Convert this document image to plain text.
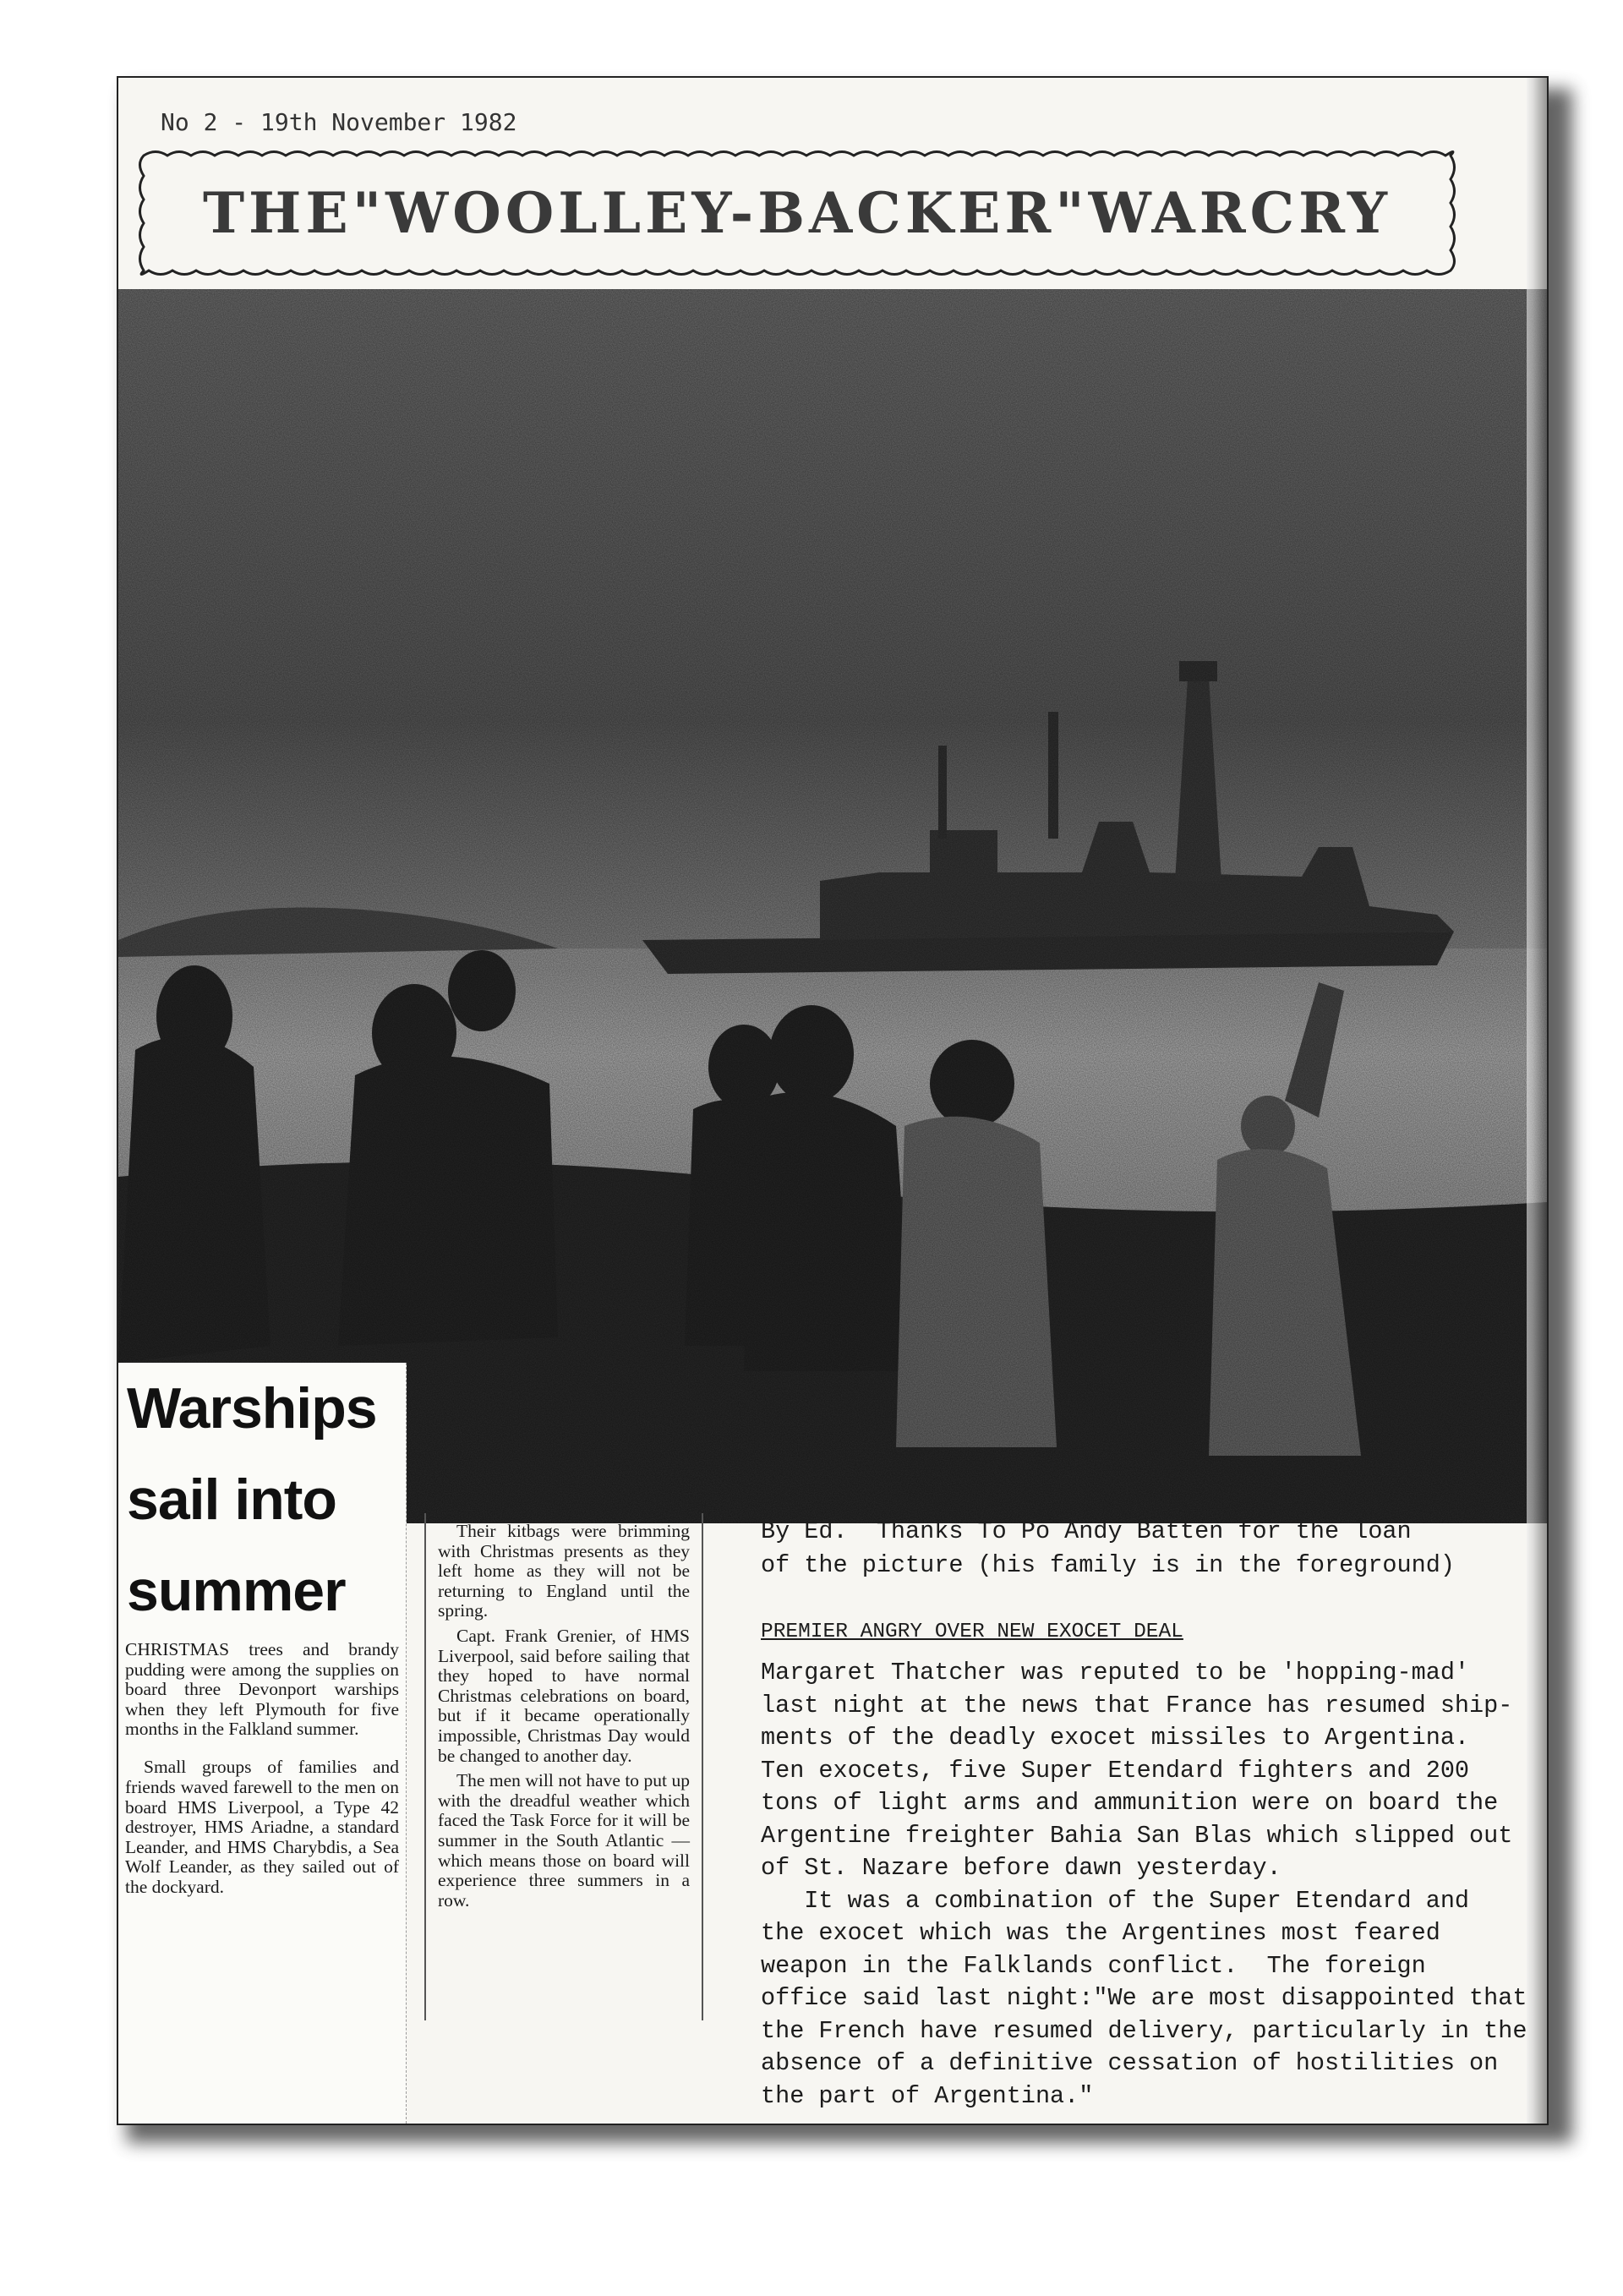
No 2 - 19th November 1982
THE"WOOLLEY-BACKER"WARCRY
Warships
sail into
summer

CHRISTMAS trees and brandy pudding were among the supplies on board three Devonport warships when they left Plymouth for five months in the Falkland summer.

Small groups of families and friends waved farewell to the men on board HMS Liverpool, a Type 42 destroyer, HMS Ariadne, a standard Leander, and HMS Charybdis, a Sea Wolf Leander, as they sailed out of the dockyard.

Their kitbags were brimming with Christmas presents as they left home as they will not be returning to England until the spring.

Capt. Frank Grenier, of HMS Liverpool, said before sailing that they hoped to have normal Christmas celebrations on board, but if it became operationally impossible, Christmas Day would be changed to another day.

The men will not have to put up with the dreadful weather which faced the Task Force for it will be summer in the South Atlantic — which means those on board will experience three summers in a row.

By Ed.  Thanks To Po Andy Batten for the loan
of the picture (his family is in the foreground)
PREMIER ANGRY OVER NEW EXOCET DEAL
Margaret Thatcher was reputed to be 'hopping-mad'
last night at the news that France has resumed ship-
ments of the deadly exocet missiles to Argentina.
Ten exocets, five Super Etendard fighters and 200
tons of light arms and ammunition were on board the
Argentine freighter Bahia San Blas which slipped out
of St. Nazare before dawn yesterday.
It was a combination of the Super Etendard and
the exocet which was the Argentines most feared
weapon in the Falklands conflict.  The foreign
office said last night:"We are most disappointed that
the French have resumed delivery, particularly in the
absence of a definitive cessation of hostilities on
the part of Argentina."
